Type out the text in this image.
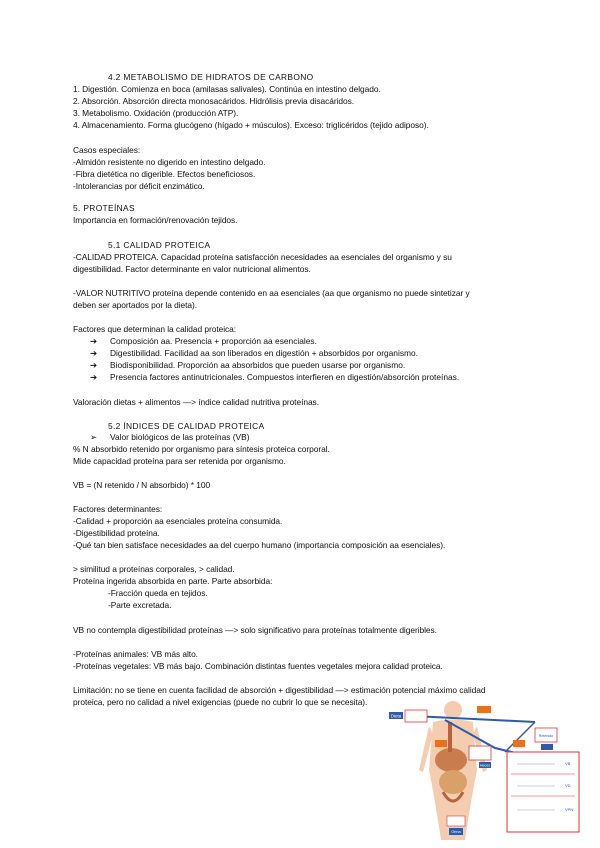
4.2 METABOLISMO DE HIDRATOS DE CARBONO
1. Digestión. Comienza en boca (amilasas salivales). Continúa en intestino delgado.
2. Absorción. Absorción directa monosacáridos. Hidrólisis previa disacáridos.
3. Metabolismo. Oxidación (producción ATP).
4. Almacenamiento. Forma glucógeno (hígado + músculos). Exceso: triglicéridos (tejido adiposo).
Casos especiales:
-Almidón resistente no digerido en intestino delgado.
-Fibra dietética no digerible. Efectos beneficiosos.
-Intolerancias por déficit enzimático.
5. PROTEÍNAS
Importancia en formación/renovación tejidos.
5.1 CALIDAD PROTEICA
-CALIDAD PROTEICA. Capacidad proteína satisfacción necesidades aa esenciales del organismo y su
digestibilidad. Factor determinante en valor nutricional alimentos.
-VALOR NUTRITIVO proteína depende contenido en aa esenciales (aa que organismo no puede sintetizar y
deben ser aportados por la dieta).
Factores que determinan la calidad proteica:
➔ Composición aa. Presencia + proporción aa esenciales.
➔ Digestibilidad. Facilidad aa son liberados en digestión + absorbidos por organismo.
➔ Biodisponibilidad. Proporción aa absorbidos que pueden usarse por organismo.
➔ Presencia factores antinutricionales. Compuestos interfieren en digestión/absorción proteínas.
Valoración dietas + alimentos —> índice calidad nutritiva proteínas.
5.2 ÍNDICES DE CALIDAD PROTEICA
➢ Valor biológicos de las proteínas (VB)
% N absorbido retenido por organismo para síntesis proteica corporal.
Mide capacidad proteína para ser retenida por organismo.
VB = (N retenido / N absorbido) * 100
Factores determinantes:
-Calidad + proporción aa esenciales proteína consumida.
-Digestibilidad proteína.
-Qué tan bien satisface necesidades aa del cuerpo humano (importancia composición aa esenciales).
> similitud a proteínas corporales, > calidad.
Proteína ingerida absorbida en parte. Parte absorbida:
-Fracción queda en tejidos.
-Parte excretada.
VB no contempla digestibilidad proteínas —> solo significativo para proteínas totalmente digeribles.
-Proteínas animales: VB más alto.
-Proteínas vegetales: VB más bajo. Combinación distintas fuentes vegetales mejora calidad proteica.
Limitación: no se tiene en cuenta facilidad de absorción + digestibilidad —> estimación potencial máximo calidad
proteica, pero no calidad a nivel exigencias (puede no cubrir lo que se necesita).
Dieta
Heces
Retenido
VB
VD
VPN
Orina
